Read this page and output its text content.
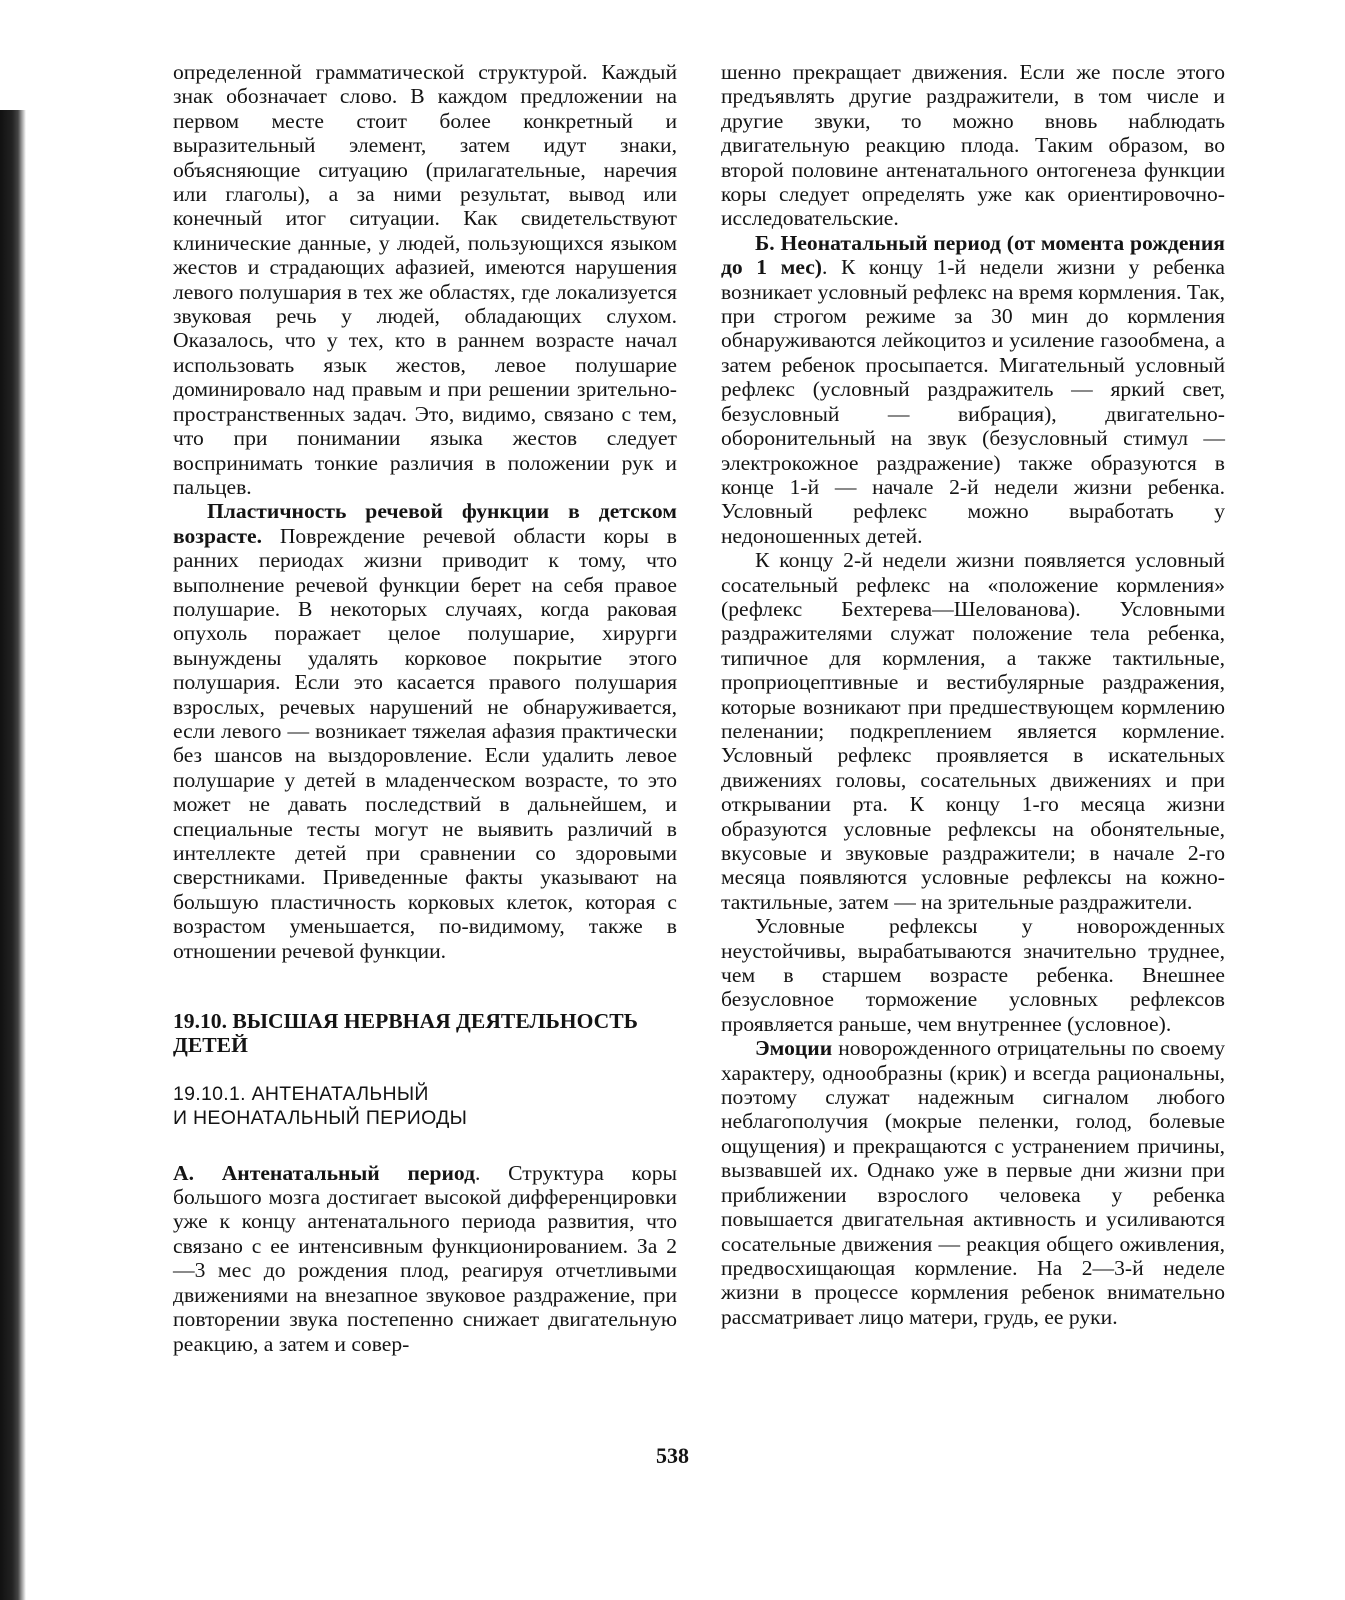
определенной грамматической структурой. Каждый знак обозначает слово. В каждом предложении на первом месте стоит более конкретный и выразительный элемент, затем идут знаки, объясняющие ситуацию (прилагательные, наречия или глаголы), а за ними результат, вывод или конечный итог ситуации. Как свидетельствуют клинические данные, у людей, пользующихся языком жестов и страдающих афазией, имеются нарушения левого полушария в тех же областях, где локализуется звуковая речь у людей, обладающих слухом. Оказалось, что у тех, кто в раннем возрасте начал использовать язык жестов, левое полушарие доминировало над правым и при решении зрительно-пространственных задач. Это, видимо, связано с тем, что при понимании языка жестов следует воспринимать тонкие различия в положении рук и пальцев.

Пластичность речевой функции в детском возрасте. Повреждение речевой области коры в ранних периодах жизни приводит к тому, что выполнение речевой функции берет на себя правое полушарие. В некоторых случаях, когда раковая опухоль поражает целое полушарие, хирурги вынуждены удалять корковое покрытие этого полушария. Если это касается правого полушария взрослых, речевых нарушений не обнаруживается, если левого — возникает тяжелая афазия практически без шансов на выздоровление. Если удалить левое полушарие у детей в младенческом возрасте, то это может не давать последствий в дальнейшем, и специальные тесты могут не выявить различий в интеллекте детей при сравнении со здоровыми сверстниками. Приведенные факты указывают на большую пластичность корковых клеток, которая с возрастом уменьшается, по-видимому, также в отношении речевой функции.

19.10. ВЫСШАЯ НЕРВНАЯ ДЕЯТЕЛЬНОСТЬ ДЕТЕЙ
19.10.1. АНТЕНАТАЛЬНЫЙ
И НЕОНАТАЛЬНЫЙ ПЕРИОДЫ

А. Антенатальный период. Структура коры большого мозга достигает высокой дифференцировки уже к концу антенатального периода развития, что связано с ее интенсивным функционированием. За 2—3 мес до рождения плод, реагируя отчетливыми движениями на внезапное звуковое раздражение, при повторении звука постепенно снижает двигательную реакцию, а затем и совер-

шенно прекращает движения. Если же после этого предъявлять другие раздражители, в том числе и другие звуки, то можно вновь наблюдать двигательную реакцию плода. Таким образом, во второй половине антенатального онтогенеза функции коры следует определять уже как ориентировочно-исследовательские.

Б. Неонатальный период (от момента рождения до 1 мес). К концу 1-й недели жизни у ребенка возникает условный рефлекс на время кормления. Так, при строгом режиме за 30 мин до кормления обнаруживаются лейкоцитоз и усиление газообмена, а затем ребенок просыпается. Мигательный условный рефлекс (условный раздражитель — яркий свет, безусловный — вибрация), двигательно-оборонительный на звук (безусловный стимул — электрокожное раздражение) также образуются в конце 1-й — начале 2-й недели жизни ребенка. Условный рефлекс можно выработать у недоношенных детей.

К концу 2-й недели жизни появляется условный сосательный рефлекс на «положение кормления» (рефлекс Бехтерева—Шелованова). Условными раздражителями служат положение тела ребенка, типичное для кормления, а также тактильные, проприоцептивные и вестибулярные раздражения, которые возникают при предшествующем кормлению пеленании; подкреплением является кормление. Условный рефлекс проявляется в искательных движениях головы, сосательных движениях и при открывании рта. К концу 1-го месяца жизни образуются условные рефлексы на обонятельные, вкусовые и звуковые раздражители; в начале 2-го месяца появляются условные рефлексы на кожно-тактильные, затем — на зрительные раздражители.

Условные рефлексы у новорожденных неустойчивы, вырабатываются значительно труднее, чем в старшем возрасте ребенка. Внешнее безусловное торможение условных рефлексов проявляется раньше, чем внутреннее (условное).

Эмоции новорожденного отрицательны по своему характеру, однообразны (крик) и всегда рациональны, поэтому служат надежным сигналом любого неблагополучия (мокрые пеленки, голод, болевые ощущения) и прекращаются с устранением причины, вызвавшей их. Однако уже в первые дни жизни при приближении взрослого человека у ребенка повышается двигательная активность и усиливаются сосательные движения — реакция общего оживления, предвосхищающая кормление. На 2—3-й неделе жизни в процессе кормления ребенок внимательно рассматривает лицо матери, грудь, ее руки.

538
